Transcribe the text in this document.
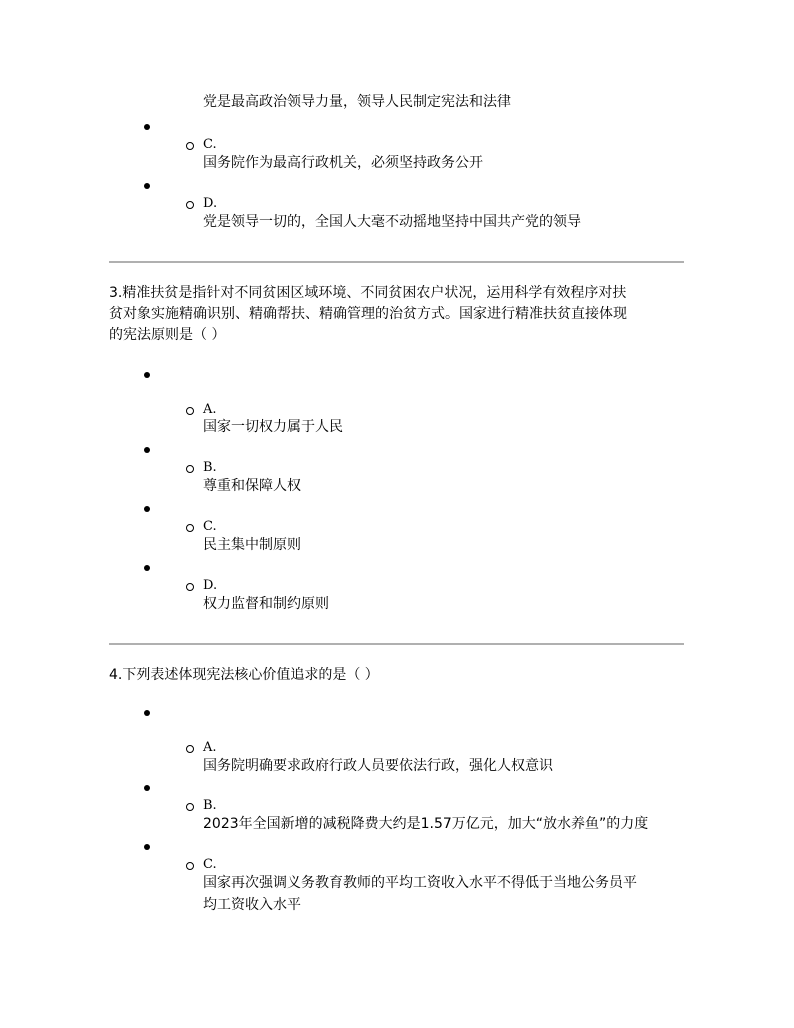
党是最高政治领导力量，领导人民制定宪法和法律
C.
国务院作为最高行政机关，必须坚持政务公开
D.
党是领导一切的，全国人大毫不动摇地坚持中国共产党的领导
3.精准扶贫是指针对不同贫困区域环境、不同贫困农户状况，运用科学有效程序对扶
贫对象实施精确识别、精确帮扶、精确管理的治贫方式。国家进行精准扶贫直接体现
的宪法原则是（ ）
A.
国家一切权力属于人民
B.
尊重和保障人权
C.
民主集中制原则
D.
权力监督和制约原则
4.下列表述体现宪法核心价值追求的是（ ）
A.
国务院明确要求政府行政人员要依法行政，强化人权意识
B.
2023年全国新增的减税降费大约是1.57万亿元，加大“放水养鱼”的力度
C.
国家再次强调义务教育教师的平均工资收入水平不得低于当地公务员平
均工资收入水平
